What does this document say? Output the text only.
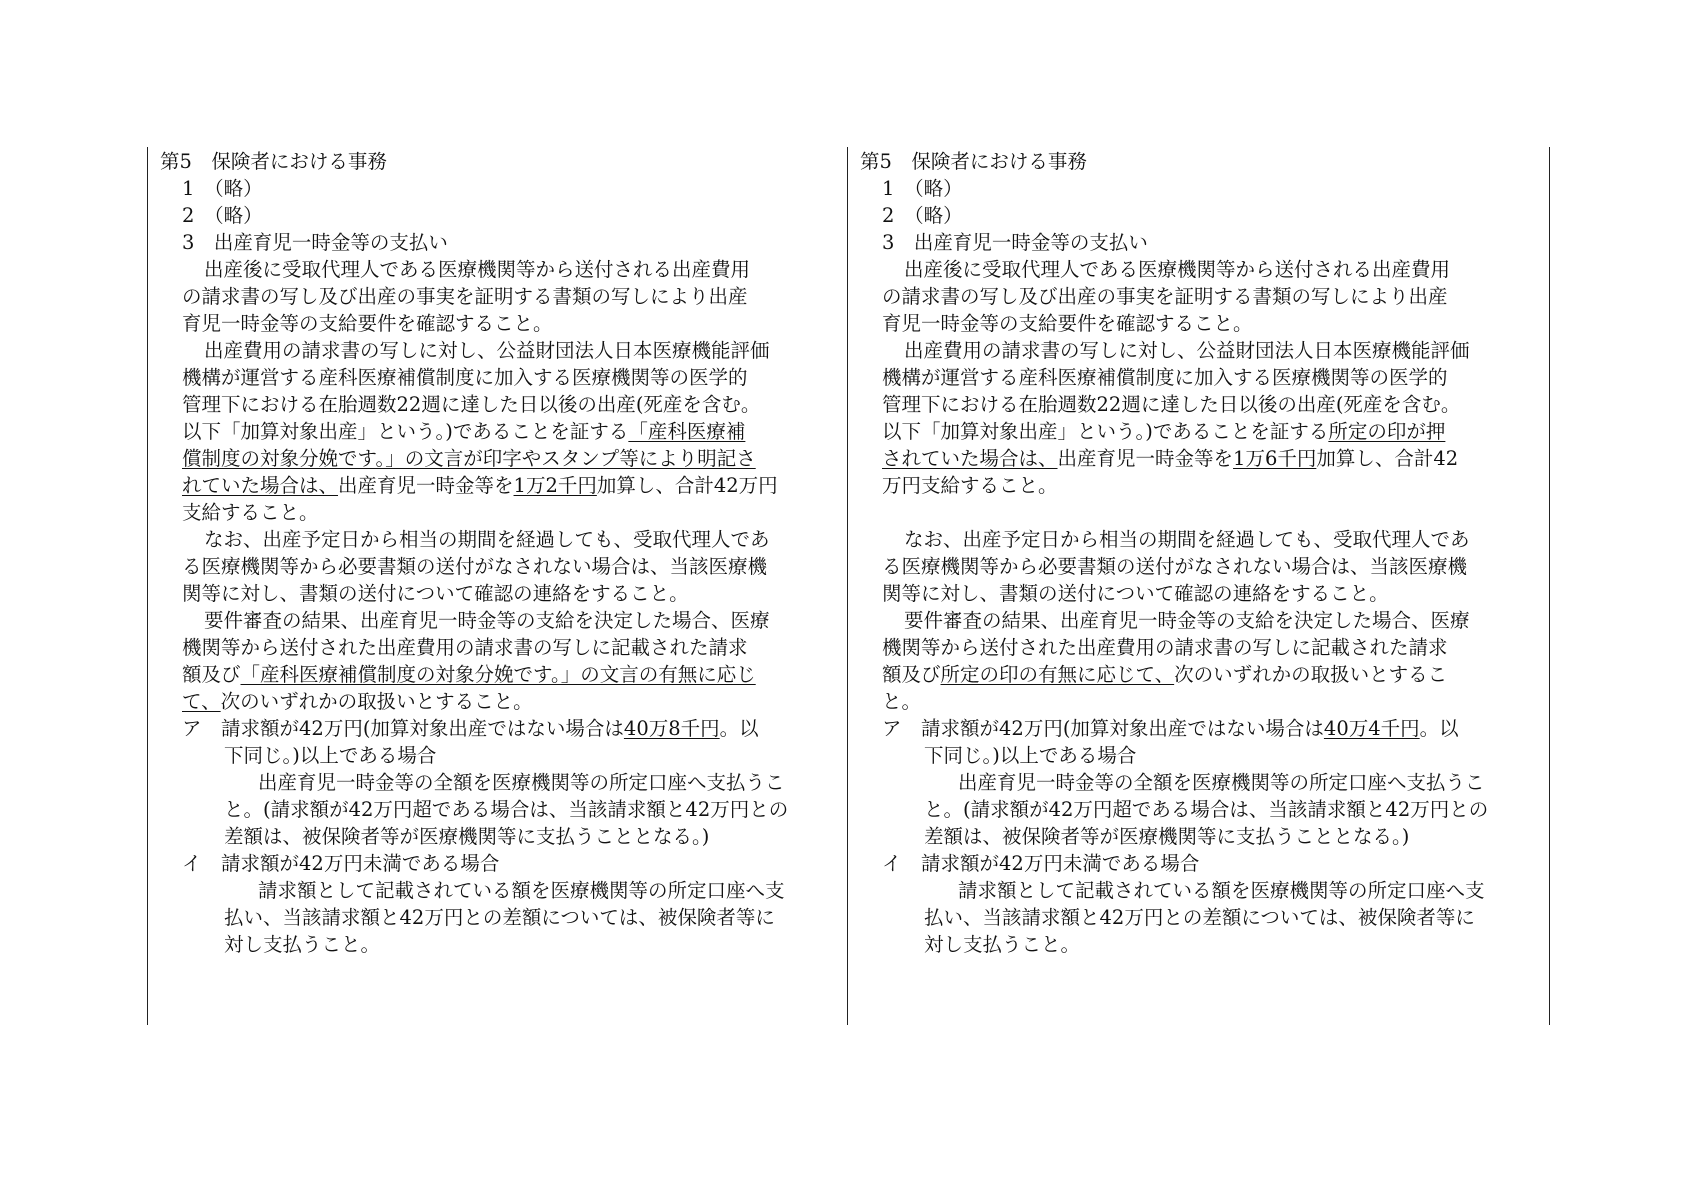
第5　保険者における事務
1　（略）
2　（略）
3　出産育児一時金等の支払い
出産後に受取代理人である医療機関等から送付される出産費用
の請求書の写し及び出産の事実を証明する書類の写しにより出産
育児一時金等の支給要件を確認すること。
出産費用の請求書の写しに対し、公益財団法人日本医療機能評価
機構が運営する産科医療補償制度に加入する医療機関等の医学的
管理下における在胎週数22週に達した日以後の出産(死産を含む。
以下「加算対象出産」という。)であることを証する「産科医療補
償制度の対象分娩です。」の文言が印字やスタンプ等により明記さ
れていた場合は、出産育児一時金等を1万2千円加算し、合計42万円
支給すること。
なお、出産予定日から相当の期間を経過しても、受取代理人であ
る医療機関等から必要書類の送付がなされない場合は、当該医療機
関等に対し、書類の送付について確認の連絡をすること。
要件審査の結果、出産育児一時金等の支給を決定した場合、医療
機関等から送付された出産費用の請求書の写しに記載された請求
額及び「産科医療補償制度の対象分娩です。」の文言の有無に応じ
て、次のいずれかの取扱いとすること。
ア　請求額が42万円(加算対象出産ではない場合は40万8千円。以
下同じ。)以上である場合
出産育児一時金等の全額を医療機関等の所定口座へ支払うこ
と。(請求額が42万円超である場合は、当該請求額と42万円との
差額は、被保険者等が医療機関等に支払うこととなる。)
イ　請求額が42万円未満である場合
請求額として記載されている額を医療機関等の所定口座へ支
払い、当該請求額と42万円との差額については、被保険者等に
対し支払うこと。
第5　保険者における事務
1　（略）
2　（略）
3　出産育児一時金等の支払い
出産後に受取代理人である医療機関等から送付される出産費用
の請求書の写し及び出産の事実を証明する書類の写しにより出産
育児一時金等の支給要件を確認すること。
出産費用の請求書の写しに対し、公益財団法人日本医療機能評価
機構が運営する産科医療補償制度に加入する医療機関等の医学的
管理下における在胎週数22週に達した日以後の出産(死産を含む。
以下「加算対象出産」という。)であることを証する所定の印が押
されていた場合は、出産育児一時金等を1万6千円加算し、合計42
万円支給すること。
なお、出産予定日から相当の期間を経過しても、受取代理人であ
る医療機関等から必要書類の送付がなされない場合は、当該医療機
関等に対し、書類の送付について確認の連絡をすること。
要件審査の結果、出産育児一時金等の支給を決定した場合、医療
機関等から送付された出産費用の請求書の写しに記載された請求
額及び所定の印の有無に応じて、次のいずれかの取扱いとするこ
と。
ア　請求額が42万円(加算対象出産ではない場合は40万4千円。以
下同じ。)以上である場合
出産育児一時金等の全額を医療機関等の所定口座へ支払うこ
と。(請求額が42万円超である場合は、当該請求額と42万円との
差額は、被保険者等が医療機関等に支払うこととなる。)
イ　請求額が42万円未満である場合
請求額として記載されている額を医療機関等の所定口座へ支
払い、当該請求額と42万円との差額については、被保険者等に
対し支払うこと。
